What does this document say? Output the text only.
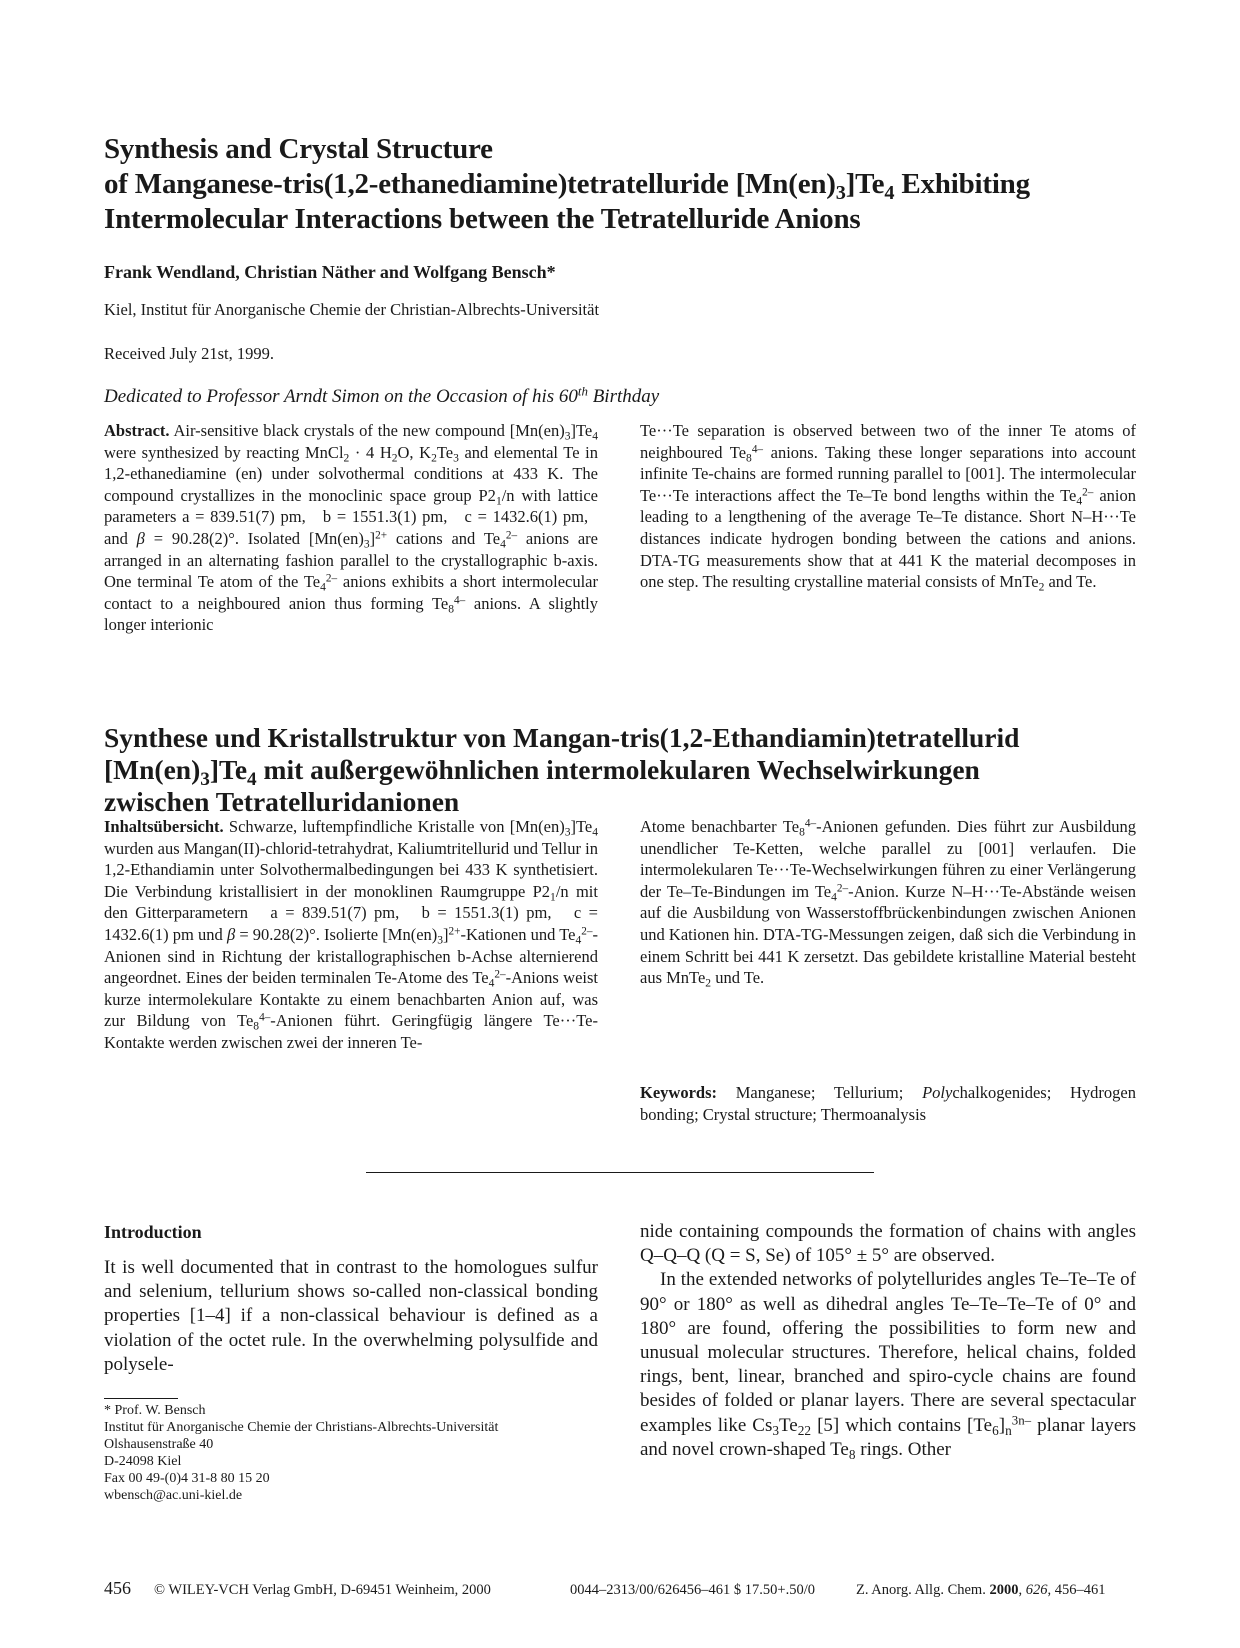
Synthesis and Crystal Structure
of Manganese-tris(1,2-ethanediamine)tetratelluride $[Mn(en)_3]Te_4$ Exhibiting
Intermolecular Interactions between the Tetratelluride Anions
Frank Wendland, Christian Näther and Wolfgang Bensch*
Kiel, Institut für Anorganische Chemie der Christian-Albrechts-Universität
Received July 21st, 1999.
Dedicated to Professor Arndt Simon on the Occasion of his 60th Birthday
Abstract. Air-sensitive black crystals of the new compound $[Mn(en)_3]Te_4$ were synthesized by reacting MnCl$_2$ · 4 $H_2O$, $K_2Te_3$ and elemental Te in 1,2-ethanediamine (en) under solvothermal conditions at 433 K. The compound crystallizes in the monoclinic space group $P2_1/n$ with lattice parameters a = 839.51(7) pm,   b = 1551.3(1) pm,   c = 1432.6(1) pm,   and β = 90.28(2)°. Isolated $[Mn(en)_3]^{2+}$ cations and $Te_4^{2-}$ anions are arranged in an alternating fashion parallel to the crystallographic b-axis. One terminal Te atom of the $Te_4^{2-}$ anions exhibits a short intermolecular contact to a neighboured anion thus forming $Te_8^{4-}$ anions. A slightly longer interionic
Te···Te separation is observed between two of the inner Te atoms of neighboured $Te_8^{4-}$ anions. Taking these longer separations into account infinite Te-chains are formed running parallel to [001]. The intermolecular Te···Te interactions affect the Te–Te bond lengths within the $Te_4^{2-}$ anion leading to a lengthening of the average Te–Te distance. Short N–H···Te distances indicate hydrogen bonding between the cations and anions. DTA-TG measurements show that at 441 K the material decomposes in one step. The resulting crystalline material consists of MnTe$_2$ and Te.
Synthese und Kristallstruktur von Mangan-tris(1,2-Ethandiamin)tetratellurid
$[Mn(en)_3]Te_4$ mit außergewöhnlichen intermolekularen Wechselwirkungen
zwischen Tetratelluridanionen
Inhaltsübersicht. Schwarze, luftempfindliche Kristalle von $[Mn(en)_3]Te_4$ wurden aus Mangan(II)-chlorid-tetrahydrat, Kaliumtritellurid und Tellur in 1,2-Ethandiamin unter Solvothermalbedingungen bei 433 K synthetisiert. Die Verbindung kristallisiert in der monoklinen Raumgruppe $P2_1/n$ mit den Gitterparametern   a = 839.51(7) pm,   b = 1551.3(1) pm,   c = 1432.6(1) pm und β = 90.28(2)°. Isolierte $[Mn(en)_3]^{2+}$-Kationen und $Te_4^{2-}$-Anionen sind in Richtung der kristallographischen b-Achse alternierend angeordnet. Eines der beiden terminalen Te-Atome des $Te_4^{2-}$-Anions weist kurze intermolekulare Kontakte zu einem benachbarten Anion auf, was zur Bildung von $Te_8^{4-}$-Anionen führt. Geringfügig längere Te···Te-Kontakte werden zwischen zwei der inneren Te-
Atome benachbarter $Te_8^{4-}$-Anionen gefunden. Dies führt zur Ausbildung unendlicher Te-Ketten, welche parallel zu [001] verlaufen. Die intermolekularen Te···Te-Wechselwirkungen führen zu einer Verlängerung der Te–Te-Bindungen im $Te_4^{2-}$-Anion. Kurze N–H···Te-Abstände weisen auf die Ausbildung von Wasserstoffbrückenbindungen zwischen Anionen und Kationen hin. DTA-TG-Messungen zeigen, daß sich die Verbindung in einem Schritt bei 441 K zersetzt. Das gebildete kristalline Material besteht aus MnTe$_2$ und Te.
Keywords: Manganese; Tellurium; Polychalkogenides; Hydrogen bonding; Crystal structure; Thermoanalysis
Introduction
It is well documented that in contrast to the homologues sulfur and selenium, tellurium shows so-called non-classical bonding properties [1–4] if a non-classical behaviour is defined as a violation of the octet rule. In the overwhelming polysulfide and polysele-
nide containing compounds the formation of chains with angles Q–Q–Q (Q = S, Se) of 105° ± 5° are observed.
In the extended networks of polytellurides angles Te–Te–Te of 90° or 180° as well as dihedral angles Te–Te–Te–Te of 0° and 180° are found, offering the possibilities to form new and unusual molecular structures. Therefore, helical chains, folded rings, bent, linear, branched and spiro-cycle chains are found besides of folded or planar layers. There are several spectacular examples like $Cs_3Te_{22}$ [5] which contains $[Te_6]_n^{3n-}$ planar layers and novel crown-shaped $Te_8$ rings. Other
* Prof. W. Bensch
Institut für Anorganische Chemie der Christians-Albrechts-Universität
Olshausenstraße 40
D-24098 Kiel
Fax 00 49-(0)4 31-8 80 15 20
wbensch@ac.uni-kiel.de
456 © WILEY-VCH Verlag GmbH, D-69451 Weinheim, 2000	0044–2313/00/626456–461 $ 17.50+.50/0	Z. Anorg. Allg. Chem. 2000, 626, 456–461
